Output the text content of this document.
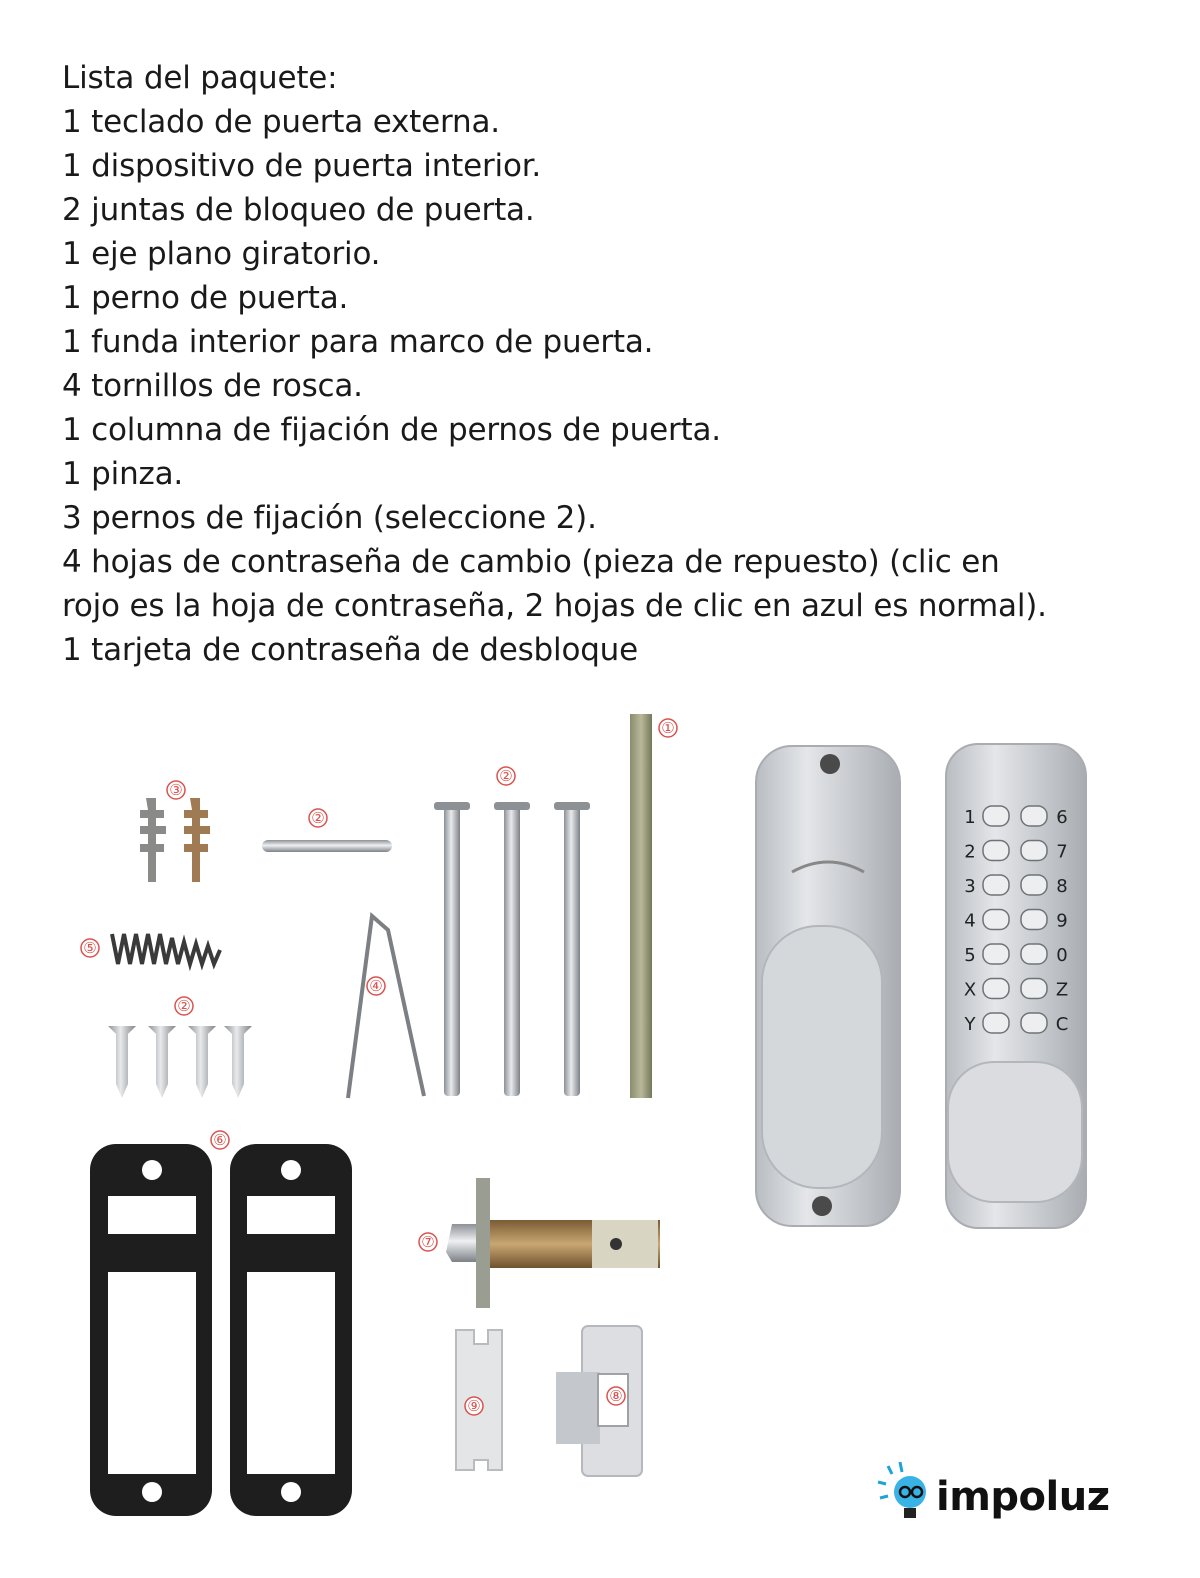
Lista del paquete:

1 teclado de puerta externa.

1 dispositivo de puerta interior.

2 juntas de bloqueo de puerta.

1 eje plano giratorio.

1 perno de puerta.

1 funda interior para marco de puerta.

4 tornillos de rosca.

1 columna de fijación de pernos de puerta.

1 pinza.

3 pernos de fijación (seleccione 2).

4 hojas de contraseña de cambio (pieza de repuesto) (clic en

rojo es la hoja de contraseña, 2 hojas de clic en azul es normal).

1 tarjeta de contraseña de desbloque

1	6
2	7
3	8
4	9
5	0
X	Z
Y	C
①
②
②
②
③
④
⑤
⑥
⑦
⑧
⑨
impoluz
